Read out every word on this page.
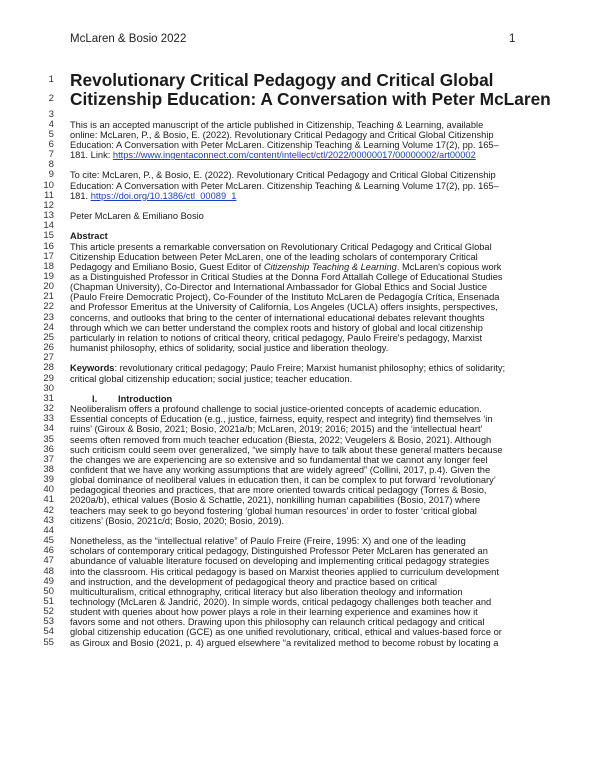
McLaren & Bosio 2022	1
1 Revolutionary Critical Pedagogy and Critical Global
2 Citizenship Education: A Conversation with Peter McLaren
3
4 This is an accepted manuscript of the article published in Citizenship, Teaching & Learning, available
5 online: McLaren, P., & Bosio, E. (2022). Revolutionary Critical Pedagogy and Critical Global Citizenship
6 Education: A Conversation with Peter McLaren. Citizenship Teaching & Learning Volume 17(2), pp. 165–
7 181. Link: https://www.ingentaconnect.com/content/intellect/ctl/2022/00000017/00000002/art00002
8
9 To cite: McLaren, P., & Bosio, E. (2022). Revolutionary Critical Pedagogy and Critical Global Citizenship
10 Education: A Conversation with Peter McLaren. Citizenship Teaching & Learning Volume 17(2), pp. 165–
11 181. https://doi.org/10.1386/ctl_00089_1
12
13 Peter McLaren & Emiliano Bosio
14
15 Abstract
16 This article presents a remarkable conversation on Revolutionary Critical Pedagogy and Critical Global
17 Citizenship Education between Peter McLaren, one of the leading scholars of contemporary Critical
18 Pedagogy and Emiliano Bosio, Guest Editor of Citizenship Teaching & Learning. McLaren's copious work
19 as a Distinguished Professor in Critical Studies at the Donna Ford Attallah College of Educational Studies
20 (Chapman University), Co-Director and International Ambassador for Global Ethics and Social Justice
21 (Paulo Freire Democratic Project), Co-Founder of the Instituto McLaren de Pedagogía Crítica, Ensenada
22 and Professor Emeritus at the University of California, Los Angeles (UCLA) offers insights, perspectives,
23 concerns, and outlooks that bring to the center of international educational debates relevant thoughts
24 through which we can better understand the complex roots and history of global and local citizenship
25 particularly in relation to notions of critical theory, critical pedagogy, Paulo Freire's pedagogy, Marxist
26 humanist philosophy, ethics of solidarity, social justice and liberation theology.
27
28 Keywords: revolutionary critical pedagogy; Paulo Freire; Marxist humanist philosophy; ethics of solidarity;
29 critical global citizenship education; social justice; teacher education.
30
31	I. Introduction
32 Neoliberalism offers a profound challenge to social justice-oriented concepts of academic education.
33 Essential concepts of Education (e.g., justice, fairness, equity, respect and integrity) find themselves ‘in
34 ruins’ (Giroux & Bosio, 2021; Bosio, 2021a/b; McLaren, 2019; 2016; 2015) and the ‘intellectual heart’
35 seems often removed from much teacher education (Biesta, 2022; Veugelers & Bosio, 2021). Although
36 such criticism could seem over generalized, “we simply have to talk about these general matters because
37 the changes we are experiencing are so extensive and so fundamental that we cannot any longer feel
38 confident that we have any working assumptions that are widely agreed” (Collini, 2017, p.4). Given the
39 global dominance of neoliberal values in education then, it can be complex to put forward ‘revolutionary’
40 pedagogical theories and practices, that are more oriented towards critical pedagogy (Torres & Bosio,
41 2020a/b), ethical values (Bosio & Schattle, 2021), nonkilling human capabilities (Bosio, 2017) where
42 teachers may seek to go beyond fostering ‘global human resources’ in order to foster ‘critical global
43 citizens’ (Bosio, 2021c/d; Bosio, 2020; Bosio, 2019).
44
45 Nonetheless, as the “intellectual relative” of Paulo Freire (Freire, 1995: X) and one of the leading
46 scholars of contemporary critical pedagogy, Distinguished Professor Peter McLaren has generated an
47 abundance of valuable literature focused on developing and implementing critical pedagogy strategies
48 into the classroom. His critical pedagogy is based on Marxist theories applied to curriculum development
49 and instruction, and the development of pedagogical theory and practice based on critical
50 multiculturalism, critical ethnography, critical literacy but also liberation theology and information
51 technology (McLaren & Jandrić, 2020). In simple words, critical pedagogy challenges both teacher and
52 student with queries about how power plays a role in their learning experience and examines how it
53 favors some and not others. Drawing upon this philosophy can relaunch critical pedagogy and critical
54 global citizenship education (GCE) as one unified revolutionary, critical, ethical and values-based force or
55 as Giroux and Bosio (2021, p. 4) argued elsewhere “a revitalized method to become robust by locating a
